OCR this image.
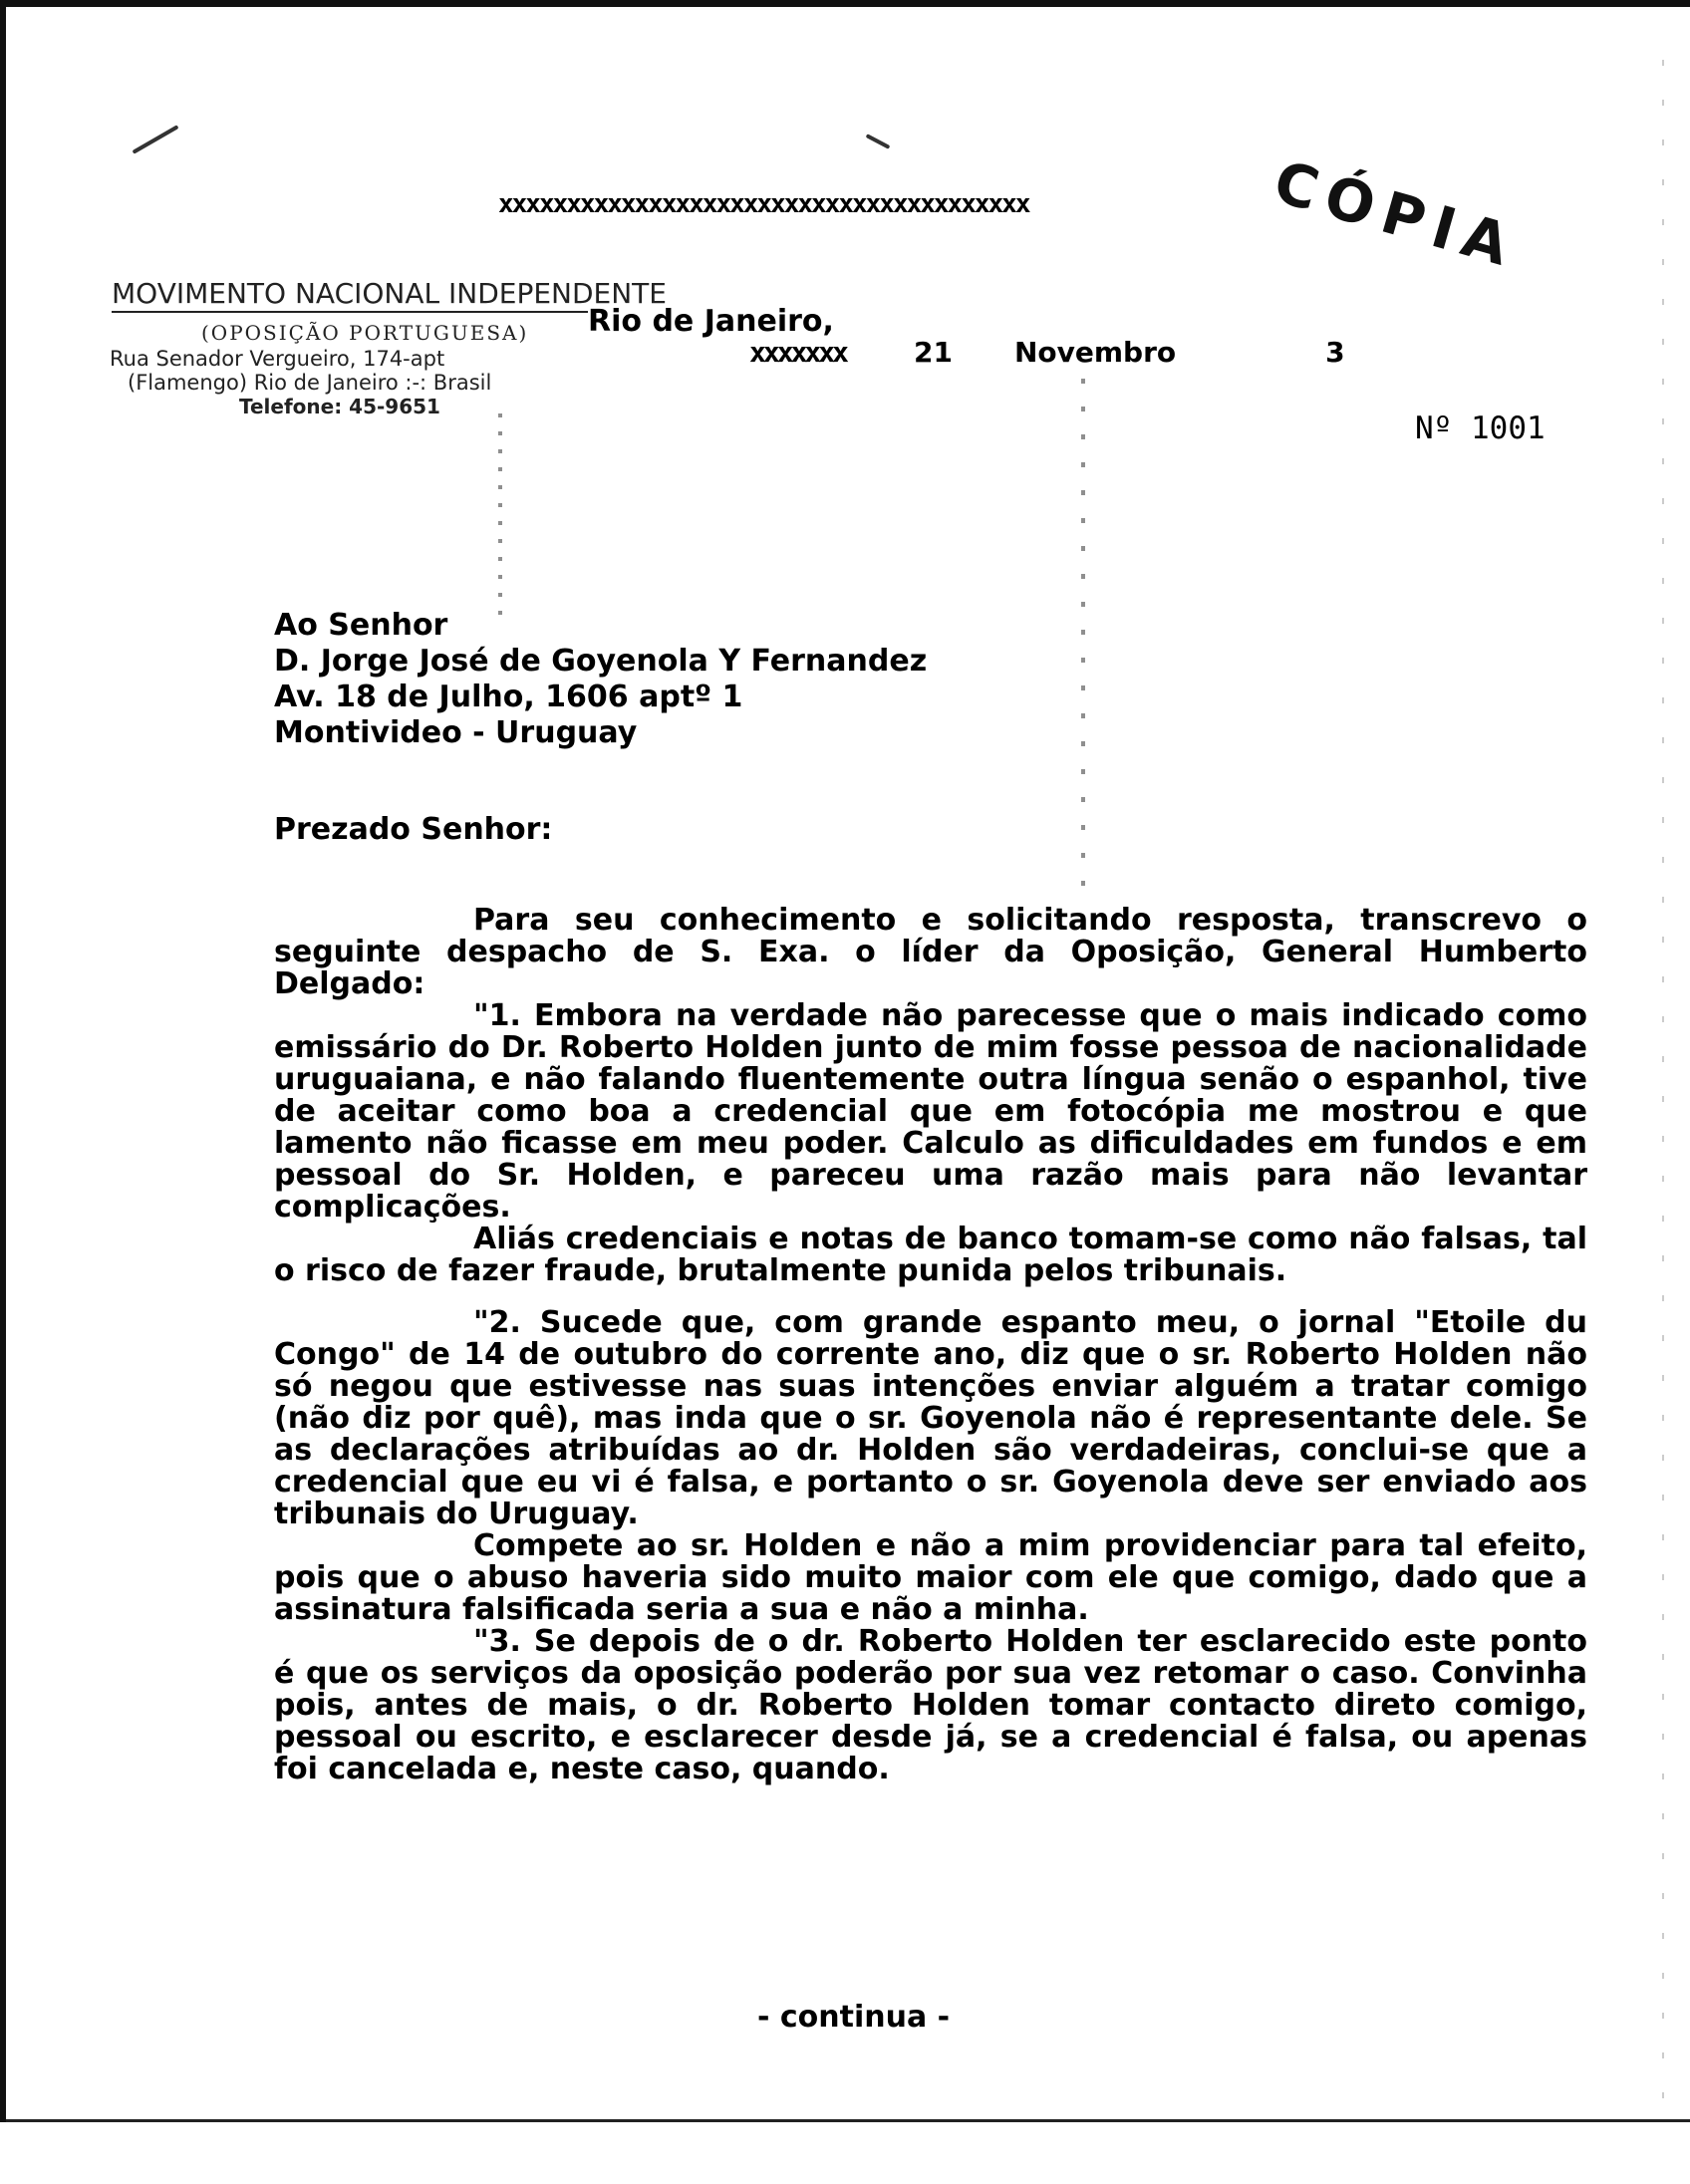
xxxxxxxxxxxxxxxxxxxxxxxxxxxxxxxxxxxxxxx	CÓPIA
MOVIMENTO NACIONAL INDEPENDENTE
(OPOSIÇÃO PORTUGUESA)
Rua Senador Vergueiro, 174-apt
(Flamengo) Rio de Janeiro :-: Brasil
Telefone: 45-9651
Rio de Janeiro,
xxxxxxx 21 Novembro	3
Nº 1001
Ao Senhor
D. Jorge José de Goyenola Y Fernandez
Av. 18 de Julho, 1606 aptº 1
Montivideo - Uruguay
Prezado Senhor:

Para seu conhecimento e solicitando resposta, transcrevo o seguinte despacho de S. Exa. o líder da Oposição, General Humberto Delgado:

"1. Embora na verdade não parecesse que o mais indicado como emissário do Dr. Roberto Holden junto de mim fosse pessoa de nacionalidade uruguaiana, e não falando fluentemente outra língua senão o espanhol, tive de aceitar como boa a credencial que em fotocópia me mostrou e que lamento não ficasse em meu poder. Calculo as dificuldades em fundos e em pessoal do Sr. Holden, e pareceu uma razão mais para não levantar complicações.

Aliás credenciais e notas de banco tomam-se como não falsas, tal o risco de fazer fraude, brutalmente punida pelos tribunais.

"2. Sucede que, com grande espanto meu, o jornal "Etoile du Congo" de 14 de outubro do corrente ano, diz que o sr. Roberto Holden não só negou que estivesse nas suas intenções enviar alguém a tratar comigo (não diz por quê), mas inda que o sr. Goyenola não é representante dele. Se as declarações atribuídas ao dr. Holden são verdadeiras, conclui-se que a credencial que eu vi é falsa, e portanto o sr. Goyenola deve ser enviado aos tribunais do Uruguay.

Compete ao sr. Holden e não a mim providenciar para tal efeito, pois que o abuso haveria sido muito maior com ele que comigo, dado que a assinatura falsificada seria a sua e não a minha.

"3. Se depois de o dr. Roberto Holden ter esclarecido este ponto é que os serviços da oposição poderão por sua vez retomar o caso. Convinha pois, antes de mais, o dr. Roberto Holden tomar contacto direto comigo, pessoal ou escrito, e esclarecer desde já, se a credencial é falsa, ou apenas foi cancelada e, neste caso, quando.

- continua -
